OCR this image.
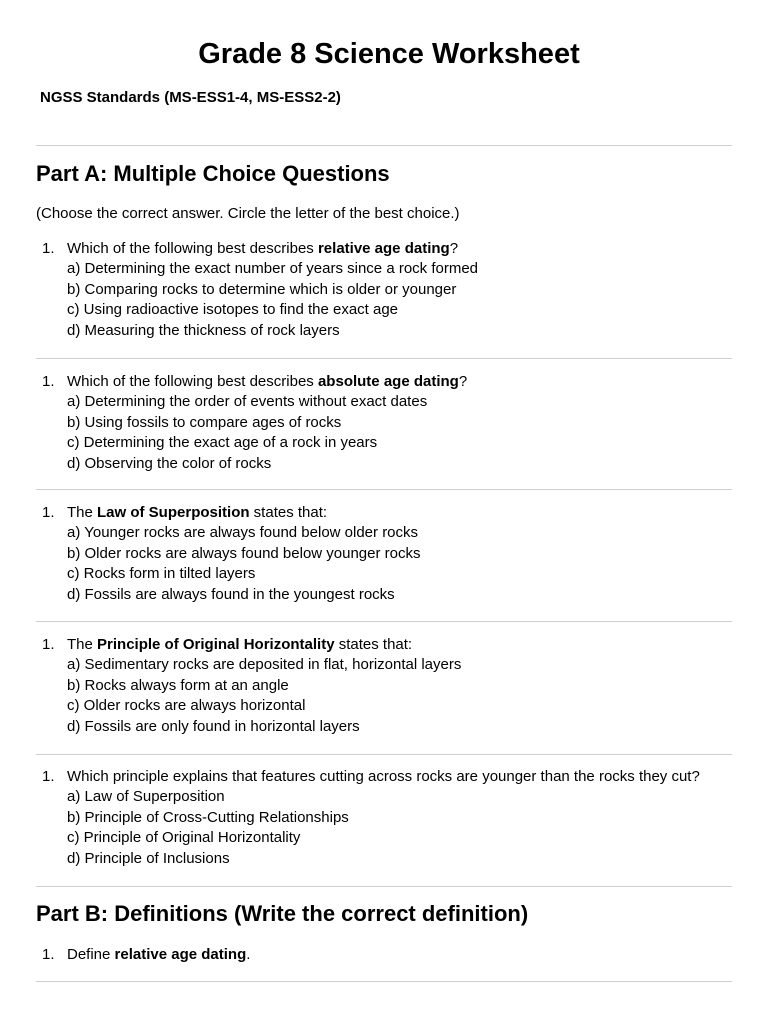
Grade 8 Science Worksheet

NGSS Standards (MS-ESS1-4, MS-ESS2-2)

Part A: Multiple Choice Questions

(Choose the correct answer. Circle the letter of the best choice.)

1. Which of the following best describes relative age dating?
a) Determining the exact number of years since a rock formed
b) Comparing rocks to determine which is older or younger
c) Using radioactive isotopes to find the exact age
d) Measuring the thickness of rock layers
1. Which of the following best describes absolute age dating?
a) Determining the order of events without exact dates
b) Using fossils to compare ages of rocks
c) Determining the exact age of a rock in years
d) Observing the color of rocks
1. The Law of Superposition states that:
a) Younger rocks are always found below older rocks
b) Older rocks are always found below younger rocks
c) Rocks form in tilted layers
d) Fossils are always found in the youngest rocks
1. The Principle of Original Horizontality states that:
a) Sedimentary rocks are deposited in flat, horizontal layers
b) Rocks always form at an angle
c) Older rocks are always horizontal
d) Fossils are only found in horizontal layers
1. Which principle explains that features cutting across rocks are younger than the rocks they cut?
a) Law of Superposition
b) Principle of Cross-Cutting Relationships
c) Principle of Original Horizontality
d) Principle of Inclusions
Part B: Definitions (Write the correct definition)
1. Define relative age dating.
